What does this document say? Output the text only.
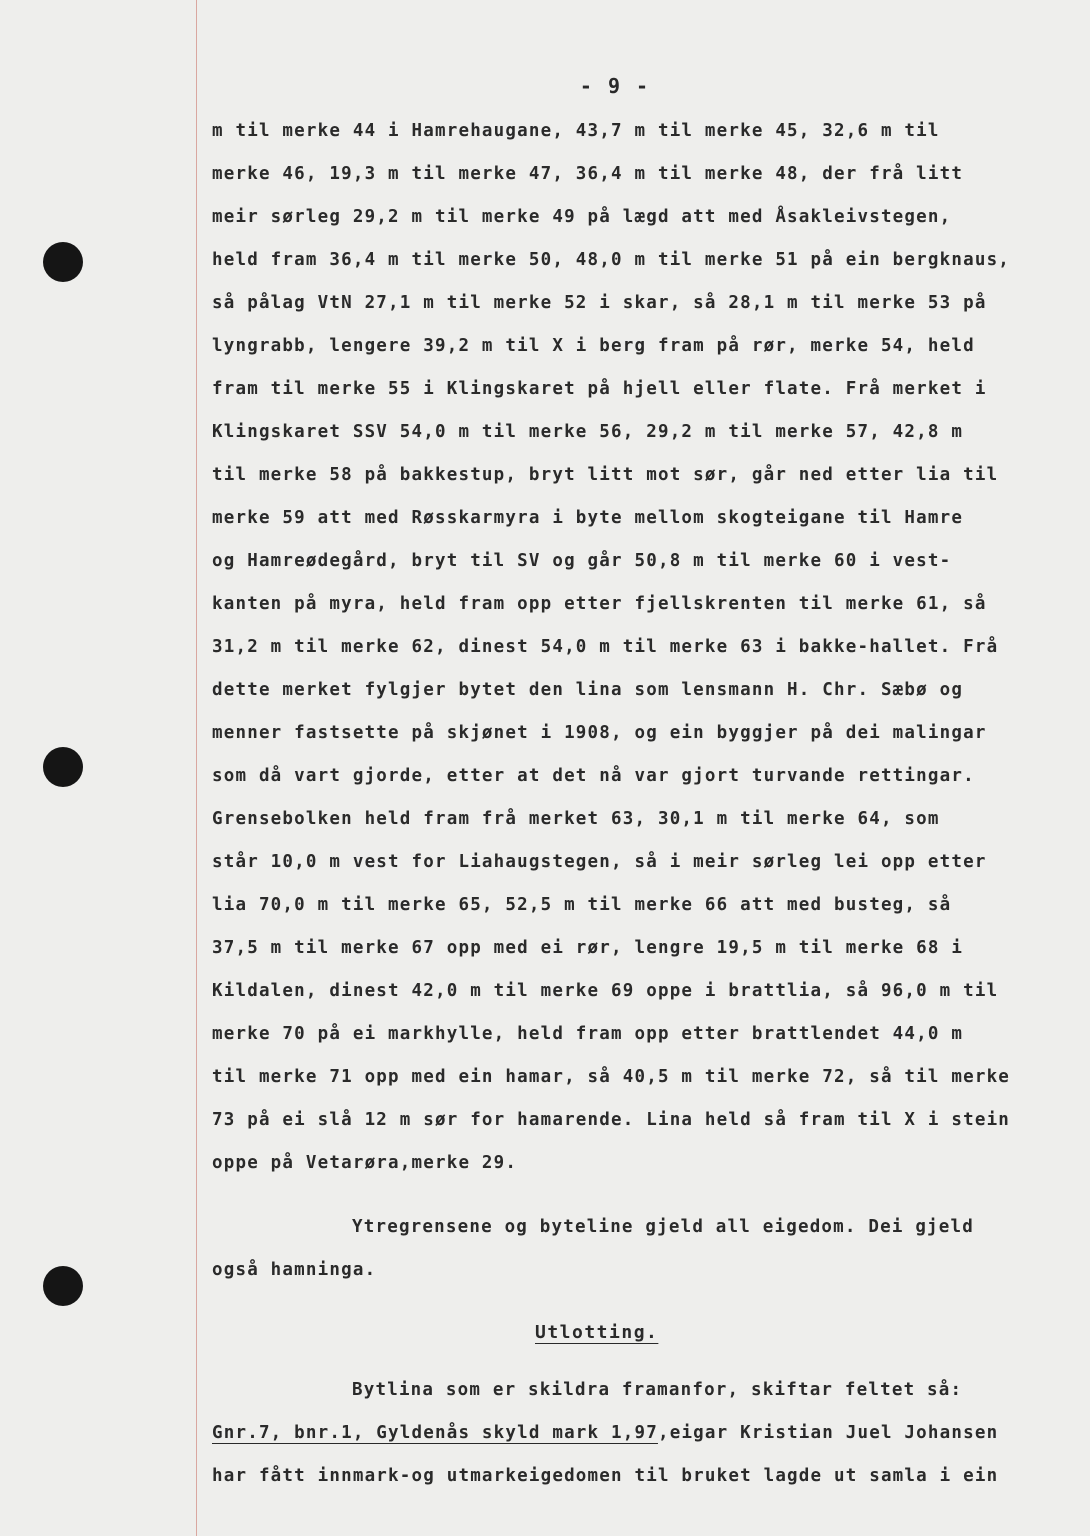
- 9 -
m til merke 44 i Hamrehaugane, 43,7 m til merke 45, 32,6 m til
merke 46, 19,3 m til merke 47, 36,4 m til merke 48, der frå litt
meir sørleg 29,2 m til merke 49 på lægd att med Åsakleivstegen,
held fram 36,4 m til merke 50, 48,0 m til merke 51 på ein bergknaus,
så pålag VtN 27,1 m til merke 52 i skar, så 28,1 m til merke 53 på
lyngrabb, lengere 39,2 m til X i berg fram på rør, merke 54, held
fram til merke 55 i Klingskaret på hjell eller flate. Frå merket i
Klingskaret SSV 54,0 m til merke 56, 29,2 m til merke 57, 42,8 m
til merke 58 på bakkestup, bryt litt mot sør, går ned etter lia til
merke 59 att med Røsskarmyra i byte mellom skogteigane til Hamre
og Hamreødegård, bryt til SV og går 50,8 m til merke 60 i vest-
kanten på myra, held fram opp etter fjellskrenten til merke 61, så
31,2 m til merke 62, dinest 54,0 m til merke 63 i bakke-hallet. Frå
dette merket fylgjer bytet den lina som lensmann H. Chr. Sæbø og
menner fastsette på skjønet i 1908, og ein byggjer på dei malingar
som då vart gjorde, etter at det nå var gjort turvande rettingar.
Grensebolken held fram frå merket 63, 30,1 m til merke 64, som
står 10,0 m vest for Liahaugstegen, så i meir sørleg lei opp etter
lia 70,0 m til merke 65, 52,5 m til merke 66 att med busteg, så
37,5 m til merke 67 opp med ei rør, lengre 19,5 m til merke 68 i
Kildalen, dinest 42,0 m til merke 69 oppe i brattlia, så 96,0 m til
merke 70 på ei markhylle, held fram opp etter brattlendet 44,0 m
til merke 71 opp med ein hamar, så 40,5 m til merke 72, så til merke
73 på ei slå 12 m sør for hamarende. Lina held så fram til X i stein
oppe på Vetarøra,merke 29.
Ytregrensene og byteline gjeld all eigedom. Dei gjeld
også hamninga.
Utlotting.
Bytlina som er skildra framanfor, skiftar feltet så:
Gnr.7, bnr.1, Gyldenås skyld mark 1,97,eigar Kristian Juel Johansen
har fått innmark-og utmarkeigedomen til bruket lagde ut samla i ein
